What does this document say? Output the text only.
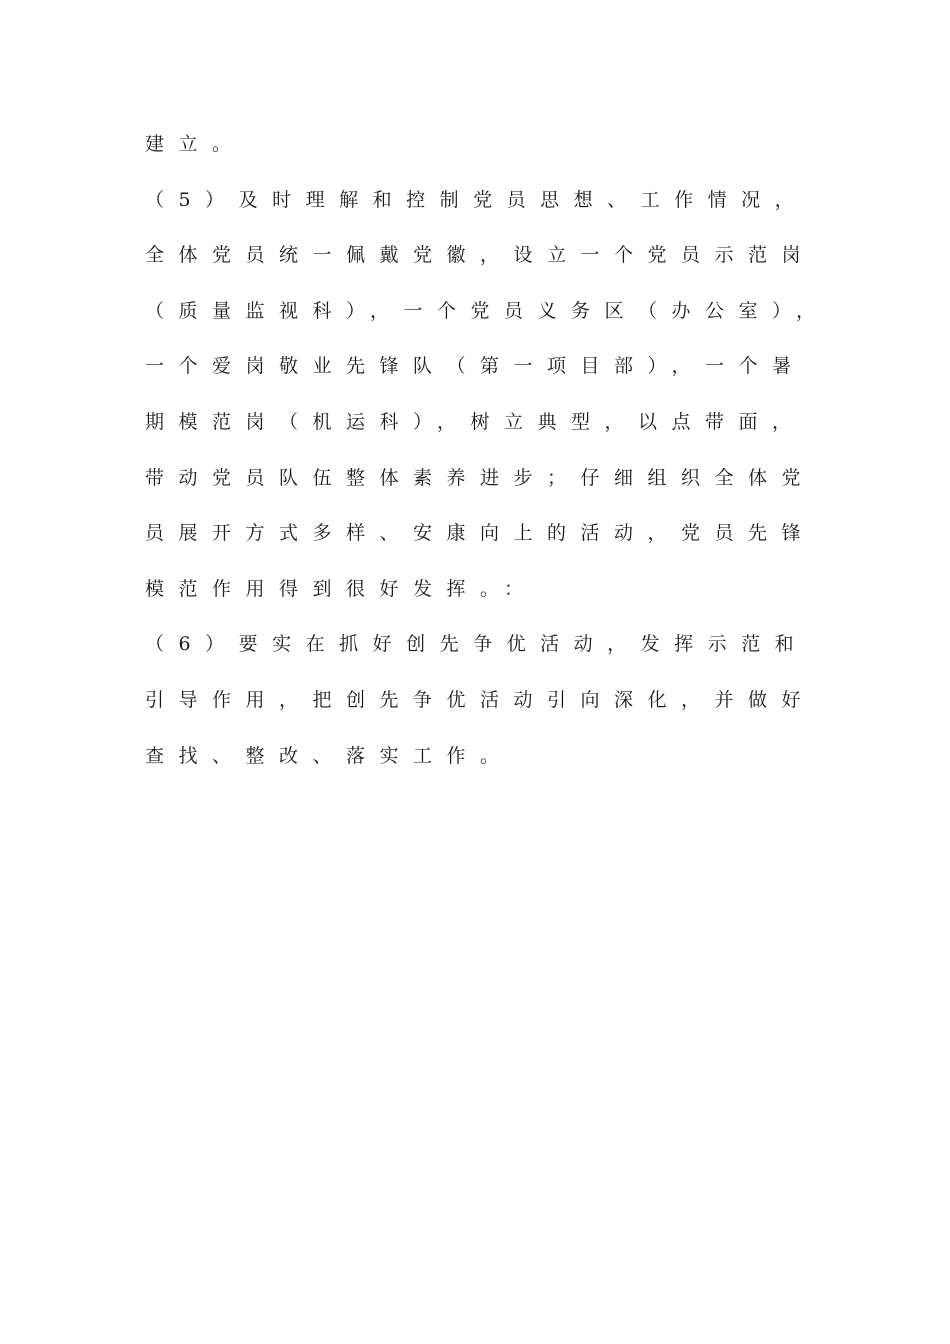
建立。
（5）及时理解和控制党员思想、工作情况，
全体党员统一佩戴党徽，设立一个党员示范岗
（质量监视科），一个党员义务区（办公室），
一个爱岗敬业先锋队（第一项目部），一个暑
期模范岗（机运科），树立典型，以点带面，
带动党员队伍整体素养进步；仔细组织全体党
员展开方式多样、安康向上的活动，党员先锋
模范作用得到很好发挥。：
（6）要实在抓好创先争优活动，发挥示范和
引导作用，把创先争优活动引向深化，并做好
查找、整改、落实工作。
